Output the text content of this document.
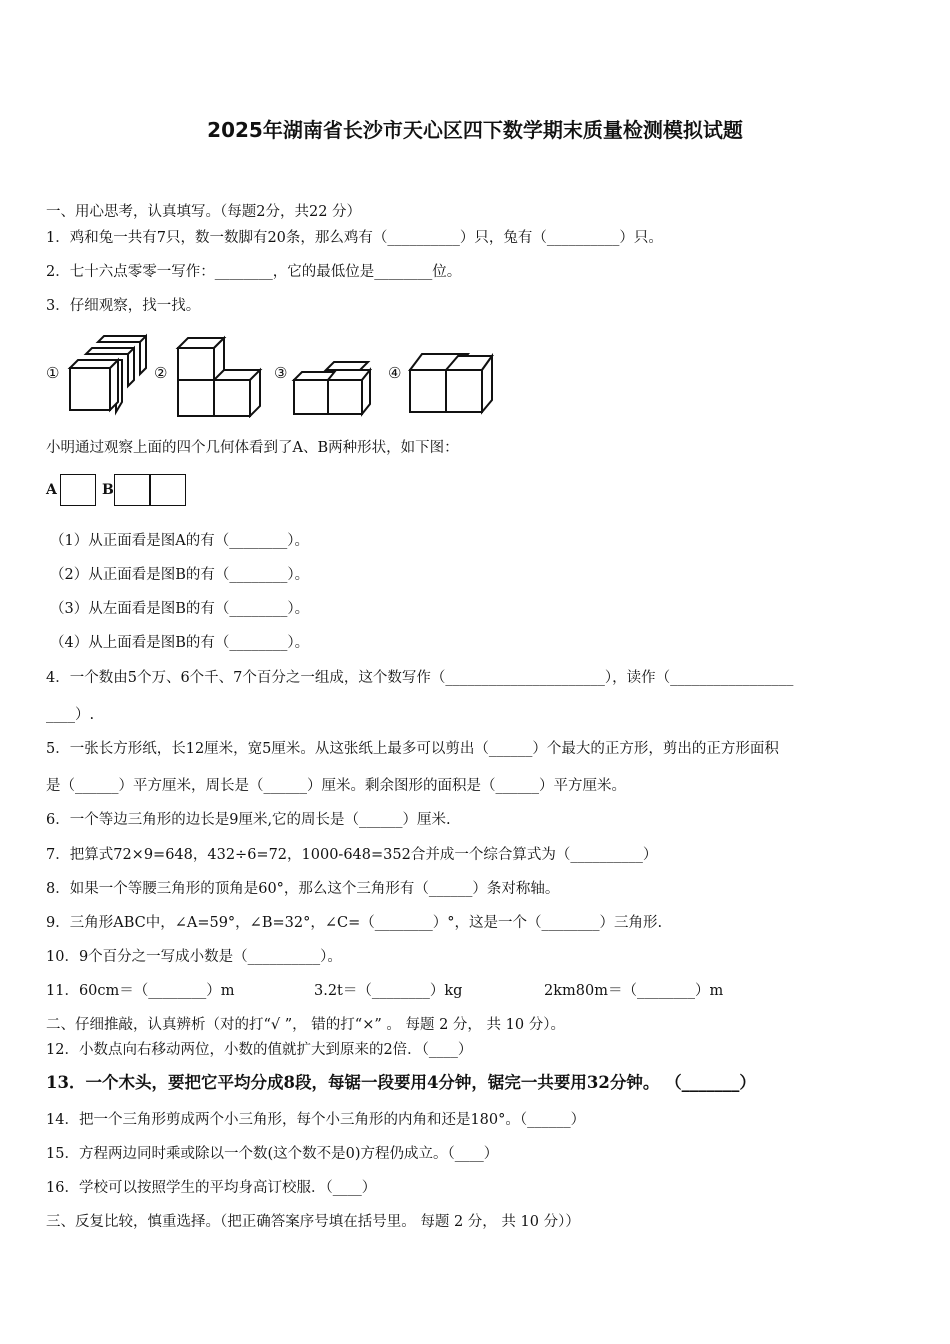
2025年湖南省长沙市天心区四下数学期末质量检测模拟试题
一、用心思考，认真填写。（每题2分，共22 分）
1．鸡和兔一共有7只，数一数脚有20条，那么鸡有（__________）只，兔有（__________）只。
2．七十六点零零一写作：________，它的最低位是________位。
3．仔细观察，找一找。
①	②	③	④
小明通过观察上面的四个几何体看到了A、B两种形状，如下图：
A	B
（1）从正面看是图A的有（________）。
（2）从正面看是图B的有（________）。
（3）从左面看是图B的有（________）。
（4）从上面看是图B的有（________）。
4．一个数由5个万、6个千、7个百分之一组成，这个数写作（______________________），读作（_________________
____）.
5．一张长方形纸，长12厘米，宽5厘米。从这张纸上最多可以剪出（______）个最大的正方形，剪出的正方形面积
是（______）平方厘米，周长是（______）厘米。剩余图形的面积是（______）平方厘米。
6．一个等边三角形的边长是9厘米,它的周长是（______）厘米.
7．把算式72×9=648，432÷6=72，1000-648=352合并成一个综合算式为（__________）
8．如果一个等腰三角形的顶角是60°，那么这个三角形有（______）条对称轴。
9．三角形ABC中，∠A=59°，∠B=32°，∠C=（________）°，这是一个（________）三角形.
10．9个百分之一写成小数是（__________）。
11．60cm＝（________）m	3.2t＝（________）kg	2km80m＝（________）m
二、仔细推敲，认真辨析（对的打“√ ”， 错的打“×” 。 每题 2 分， 共 10 分）。
12．小数点向右移动两位，小数的值就扩大到原来的2倍．（____）
13．一个木头，要把它平均分成8段，每锯一段要用4分钟，锯完一共要用32分钟。 （_______）
14．把一个三角形剪成两个小三角形，每个小三角形的内角和还是180°。（______）
15．方程两边同时乘或除以一个数(这个数不是0)方程仍成立。（____）
16．学校可以按照学生的平均身高订校服．（____）
三、反复比较，慎重选择。（把正确答案序号填在括号里。 每题 2 分， 共 10 分））
